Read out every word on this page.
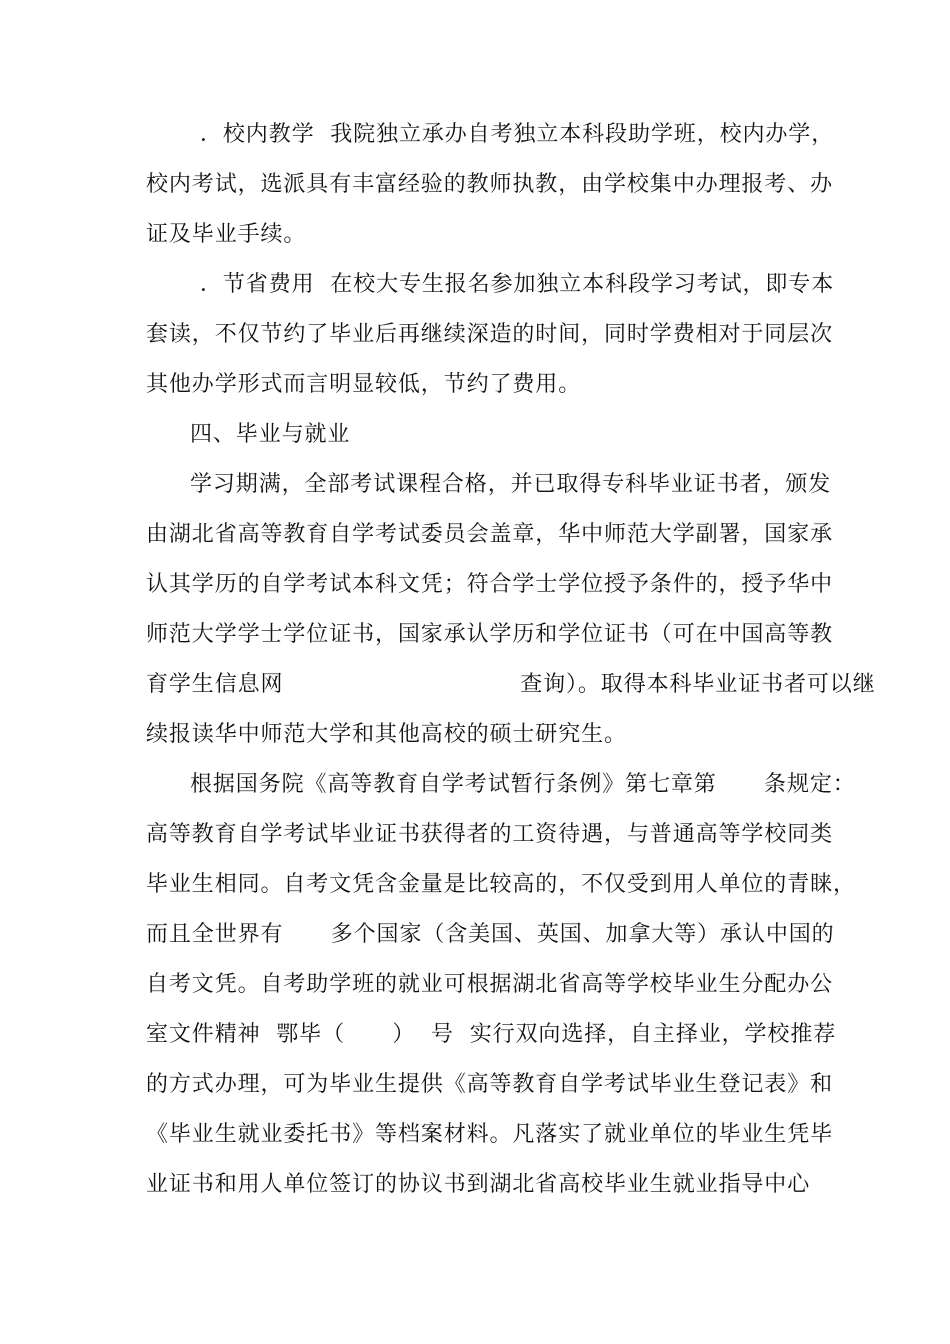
．校内教学  我院独立承办自考独立本科段助学班，校内办学，
校内考试，选派具有丰富经验的教师执教，由学校集中办理报考、办
证及毕业手续。
．节省费用  在校大专生报名参加独立本科段学习考试，即专本
套读，不仅节约了毕业后再继续深造的时间，同时学费相对于同层次
其他办学形式而言明显较低，节约了费用。
四、毕业与就业
学习期满，全部考试课程合格，并已取得专科毕业证书者，颁发
由湖北省高等教育自学考试委员会盖章，华中师范大学副署，国家承
认其学历的自学考试本科文凭；符合学士学位授予条件的，授予华中
师范大学学士学位证书，国家承认学历和学位证书（可在中国高等教
育学生信息网                              查询）。取得本科毕业证书者可以继
续报读华中师范大学和其他高校的硕士研究生。
根据国务院《高等教育自学考试暂行条例》第七章第      条规定：
高等教育自学考试毕业证书获得者的工资待遇，与普通高等学校同类
毕业生相同。自考文凭含金量是比较高的，不仅受到用人单位的青睐，
而且全世界有      多个国家（含美国、英国、加拿大等）承认中国的
自考文凭。自考助学班的就业可根据湖北省高等学校毕业生分配办公
室文件精神  鄂毕（      ）  号  实行双向选择，自主择业，学校推荐
的方式办理，可为毕业生提供《高等教育自学考试毕业生登记表》和
《毕业生就业委托书》等档案材料。凡落实了就业单位的毕业生凭毕
业证书和用人单位签订的协议书到湖北省高校毕业生就业指导中心
